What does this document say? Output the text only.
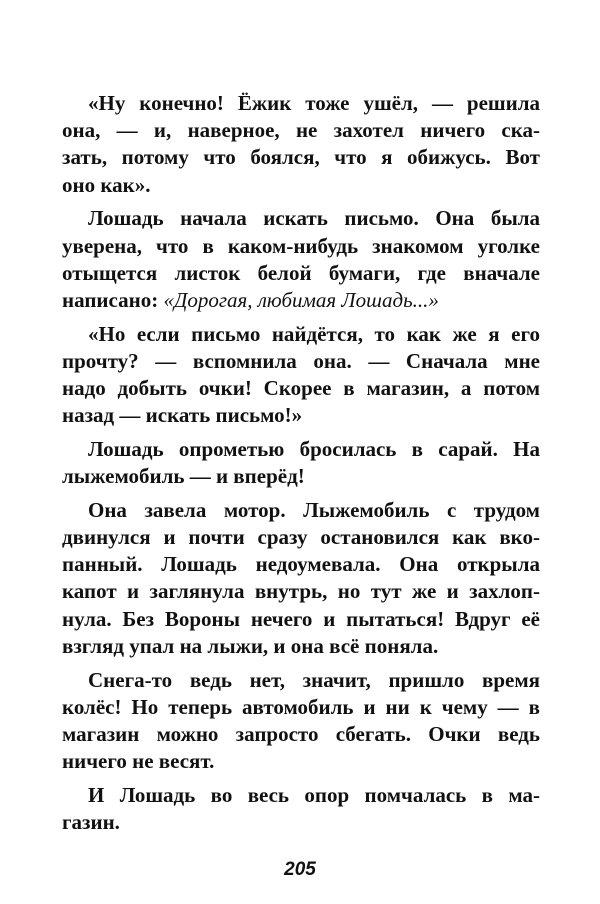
«Ну конечно! Ёжик тоже ушёл, — решила
она, — и, наверное, не захотел ничего ска-
зать, потому что боялся, что я обижусь. Вот
оно как».
Лошадь начала искать письмо. Она была
уверена, что в каком-нибудь знакомом уголке
отыщется листок белой бумаги, где вначале
написано: «Дорогая, любимая Лошадь...»
«Но если письмо найдётся, то как же я его
прочту? — вспомнила она. — Сначала мне
надо добыть очки! Скорее в магазин, а потом
назад — искать письмо!»
Лошадь опрометью бросилась в сарай. На
лыжемобиль — и вперёд!
Она завела мотор. Лыжемобиль с трудом
двинулся и почти сразу остановился как вко-
панный. Лошадь недоумевала. Она открыла
капот и заглянула внутрь, но тут же и захлоп-
нула. Без Вороны нечего и пытаться! Вдруг её
взгляд упал на лыжи, и она всё поняла.
Снега-то ведь нет, значит, пришло время
колёс! Но теперь автомобиль и ни к чему — в
магазин можно запросто сбегать. Очки ведь
ничего не весят.
И Лошадь во весь опор помчалась в ма-
газин.
205
